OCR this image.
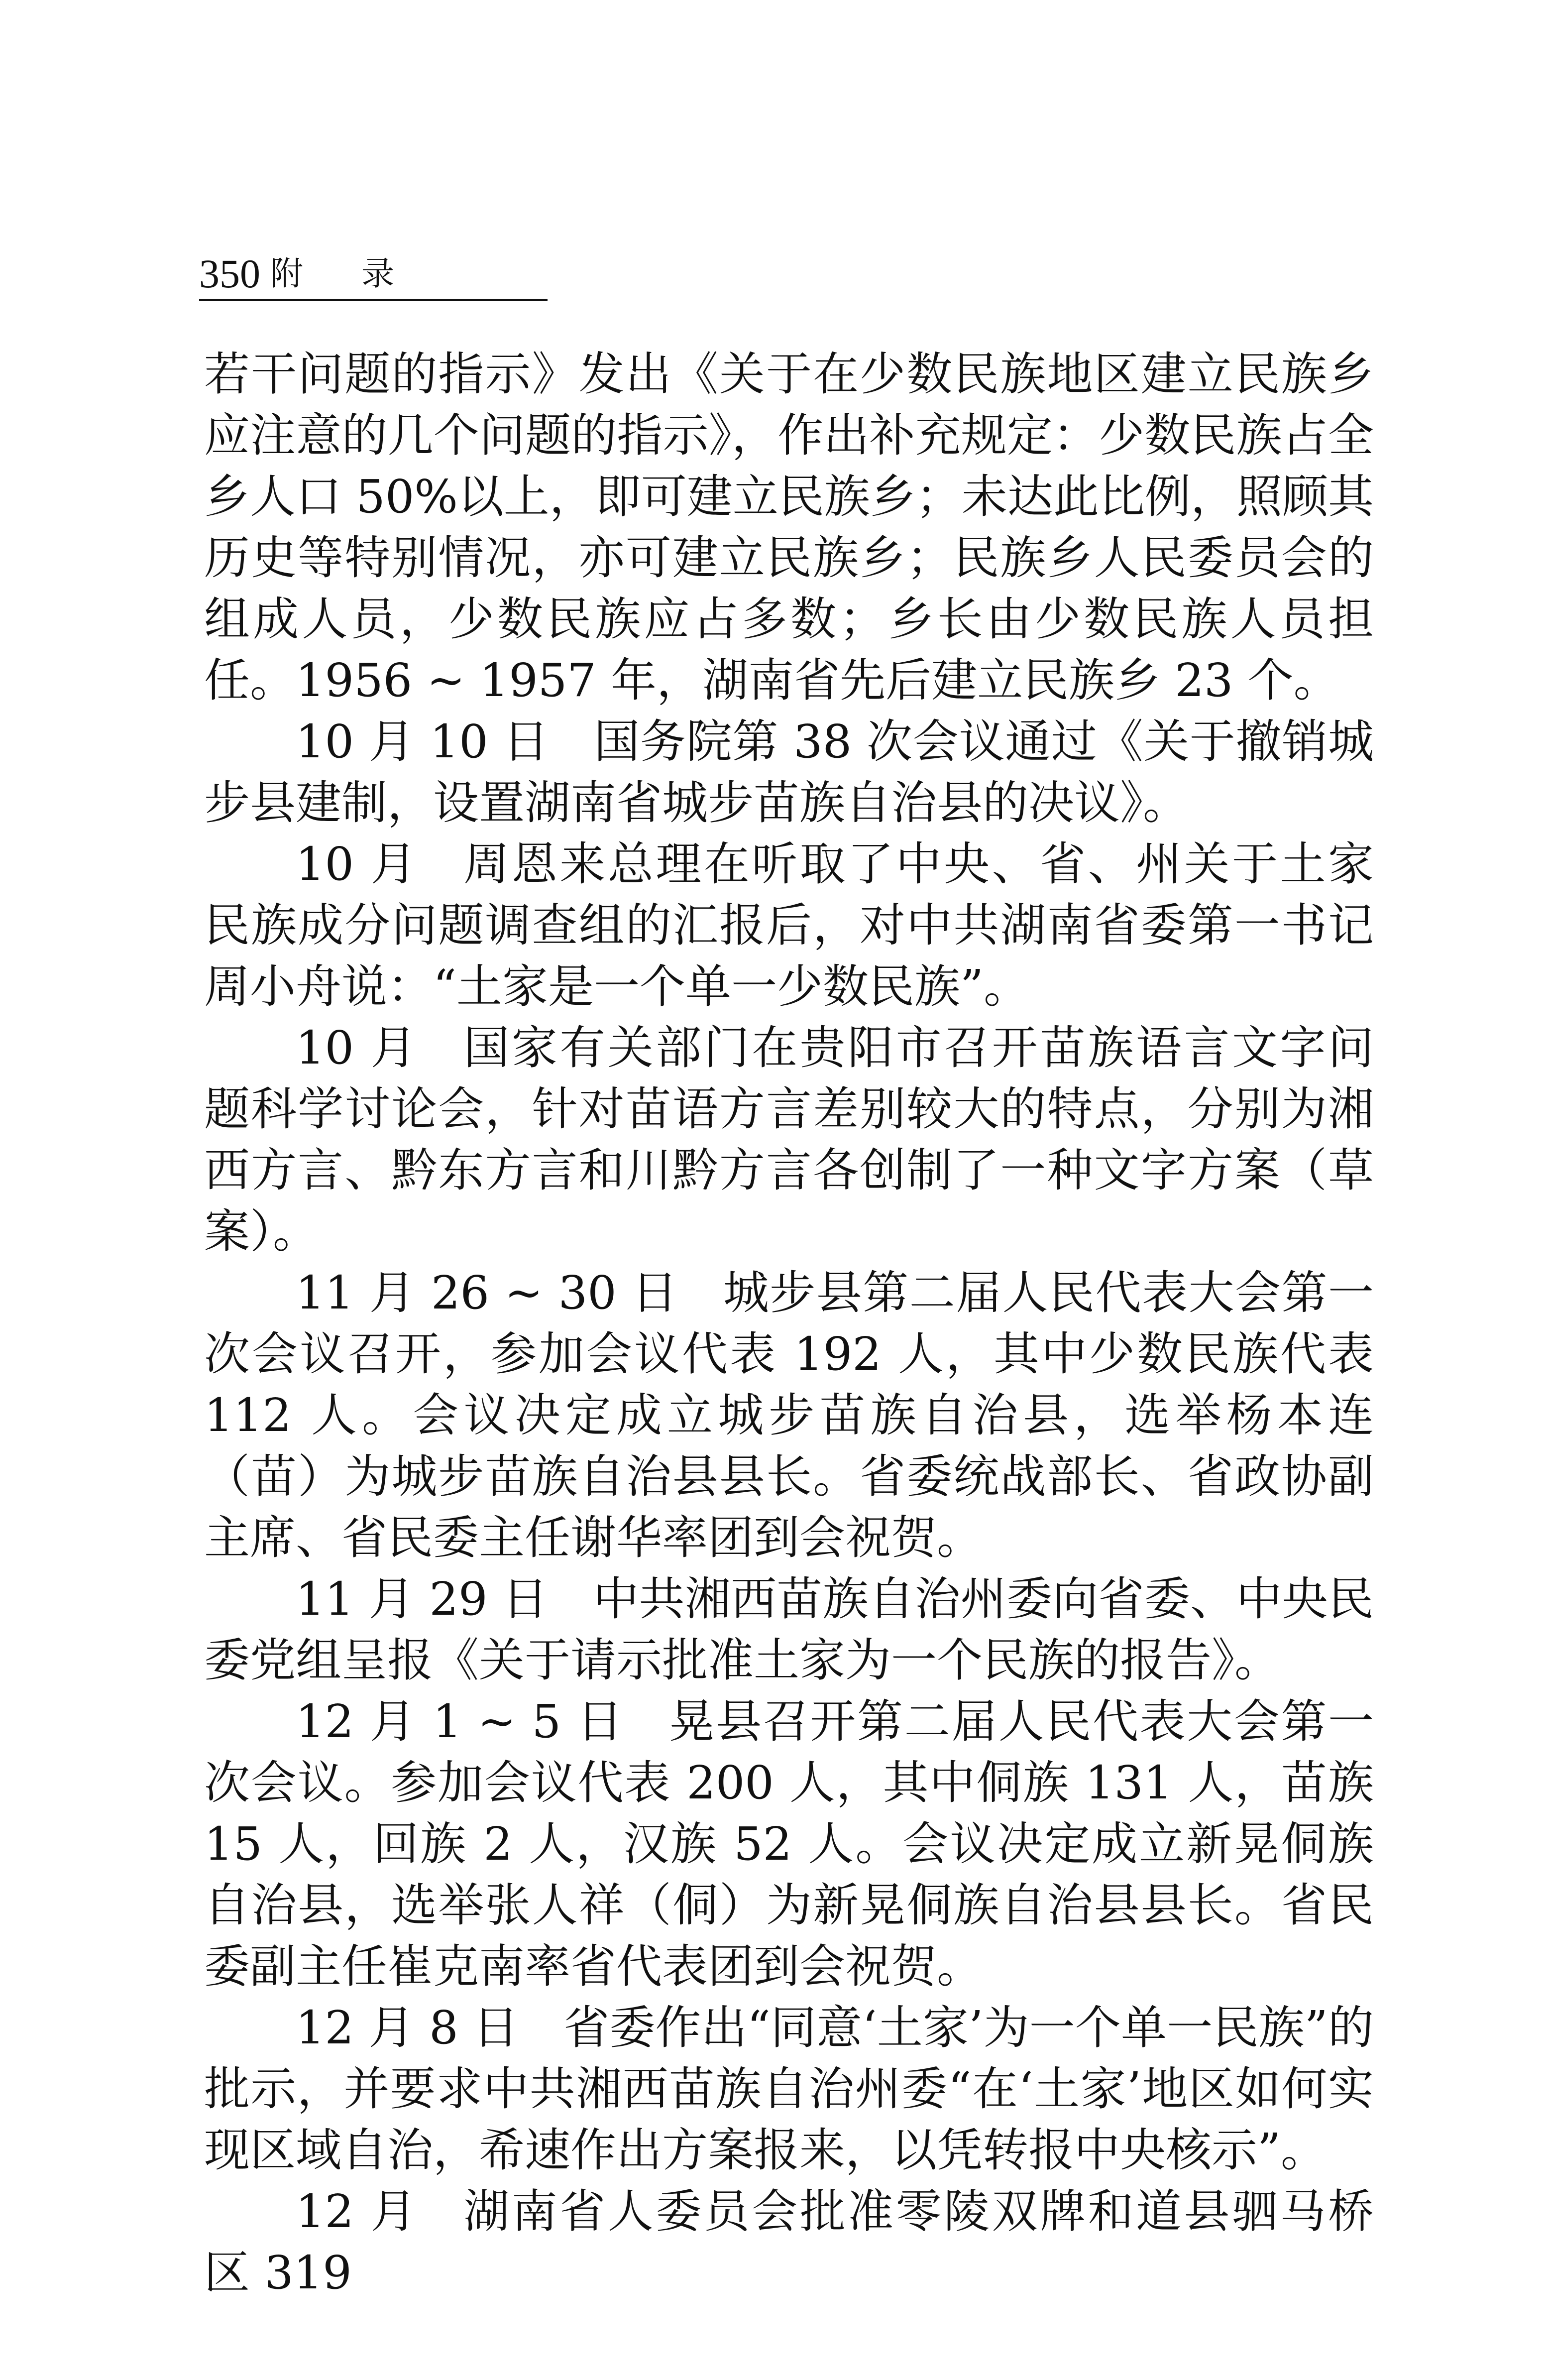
350 附 录

若干问题的指示》发出《关于在少数民族地区建立民族乡应注意的几个问题的指示》，作出补充规定：少数民族占全乡人口 50%以上，即可建立民族乡；未达此比例，照顾其历史等特别情况，亦可建立民族乡；民族乡人民委员会的组成人员，少数民族应占多数；乡长由少数民族人员担任。1956 ~ 1957 年，湖南省先后建立民族乡 23 个。

10 月 10 日 国务院第 38 次会议通过《关于撤销城步县建制，设置湖南省城步苗族自治县的决议》。

10 月 周恩来总理在听取了中央、省、州关于土家民族成分问题调查组的汇报后，对中共湖南省委第一书记周小舟说：“土家是一个单一少数民族”。

10 月 国家有关部门在贵阳市召开苗族语言文字问题科学讨论会，针对苗语方言差别较大的特点，分别为湘西方言、黔东方言和川黔方言各创制了一种文字方案（草案）。

11 月 26 ~ 30 日 城步县第二届人民代表大会第一次会议召开，参加会议代表 192 人，其中少数民族代表 112 人。会议决定成立城步苗族自治县，选举杨本连（苗）为城步苗族自治县县长。省委统战部长、省政协副主席、省民委主任谢华率团到会祝贺。

11 月 29 日 中共湘西苗族自治州委向省委、中央民委党组呈报《关于请示批准土家为一个民族的报告》。

12 月 1 ~ 5 日 晃县召开第二届人民代表大会第一次会议。参加会议代表 200 人，其中侗族 131 人，苗族 15 人，回族 2 人，汉族 52 人。会议决定成立新晃侗族自治县，选举张人祥（侗）为新晃侗族自治县县长。省民委副主任崔克南率省代表团到会祝贺。

12 月 8 日 省委作出“同意‘土家’为一个单一民族”的批示，并要求中共湘西苗族自治州委“在‘土家’地区如何实现区域自治，希速作出方案报来，以凭转报中央核示”。

12 月 湖南省人委员会批准零陵双牌和道县驷马桥区 319
